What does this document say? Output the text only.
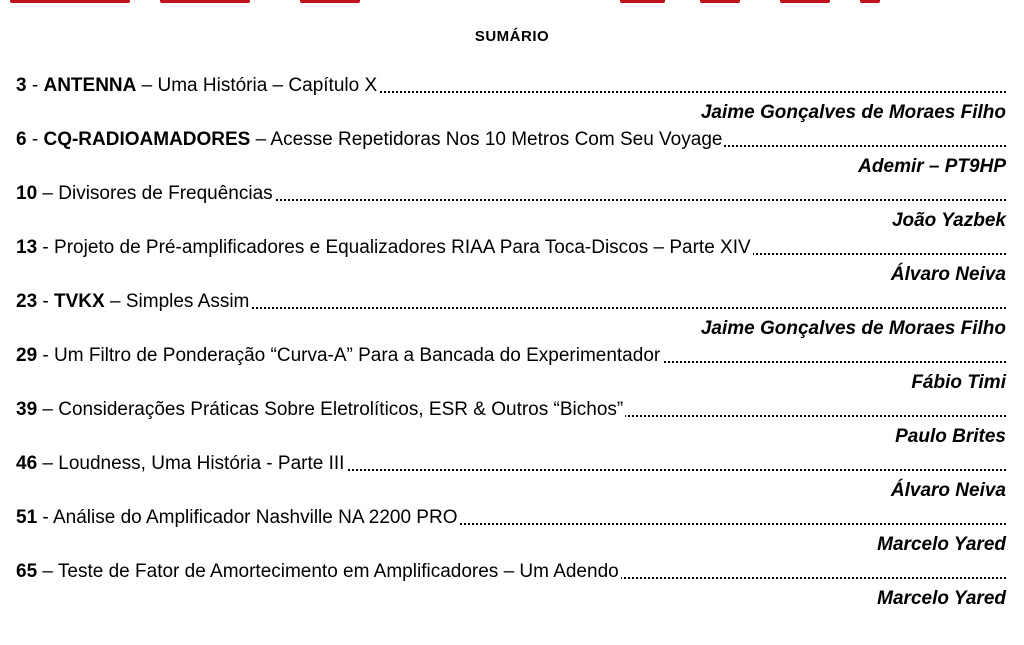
SUMÁRIO
3 - ANTENNA – Uma História – Capítulo X
Jaime Gonçalves de Moraes Filho
6 - CQ-RADIOAMADORES – Acesse Repetidoras Nos 10 Metros Com Seu Voyage
Ademir – PT9HP
10 – Divisores de Frequências
João Yazbek
13 - Projeto de Pré-amplificadores e Equalizadores RIAA Para Toca-Discos – Parte XIV
Álvaro Neiva
23 - TVKX – Simples Assim
Jaime Gonçalves de Moraes Filho
29 - Um Filtro de Ponderação “Curva-A” Para a Bancada do Experimentador
Fábio Timi
39 – Considerações Práticas Sobre Eletrolíticos, ESR & Outros “Bichos”
Paulo Brites
46 – Loudness, Uma História - Parte III
Álvaro Neiva
51 - Análise do Amplificador Nashville NA 2200 PRO
Marcelo Yared
65 – Teste de Fator de Amortecimento em Amplificadores – Um Adendo
Marcelo Yared
